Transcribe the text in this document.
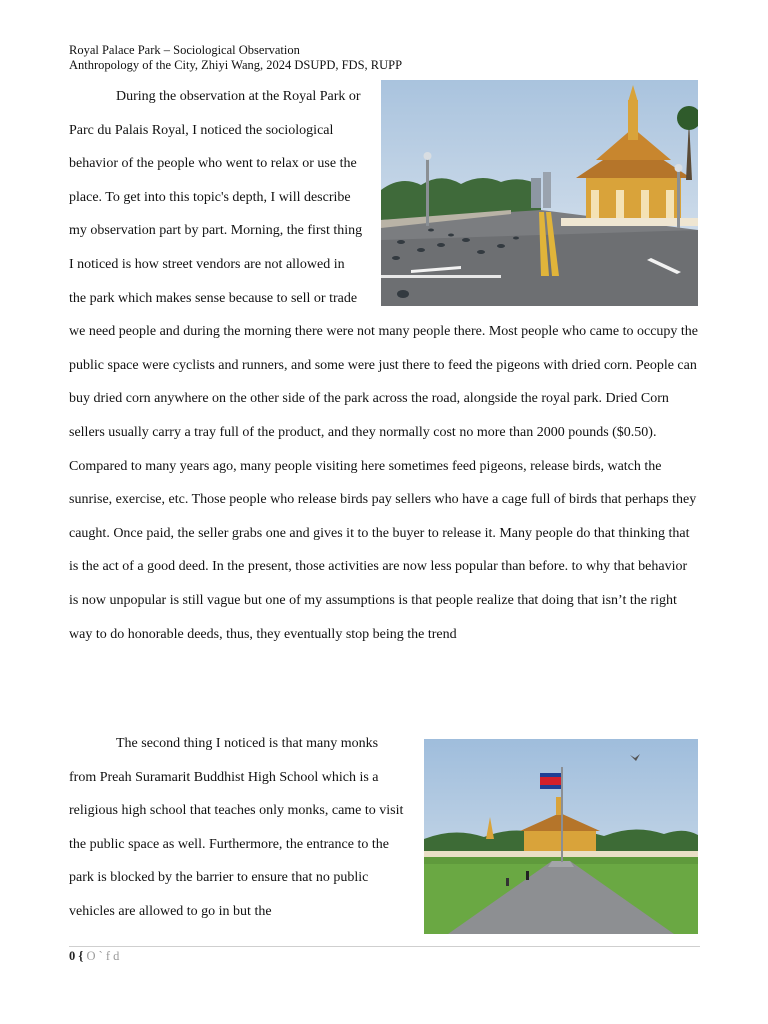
Royal Palace Park – Sociological Observation
Anthropology of the City, Zhiyi Wang, 2024 DSUPD, FDS, RUPP
During the observation at the Royal Park or Parc du Palais Royal, I noticed the sociological behavior of the people who went to relax or use the place. To get into this topic's depth, I will describe my observation part by part. Morning, the first thing I noticed is how street vendors are not allowed in the park which makes sense because to sell or trade we need people and during the morning there were not many people there. Most people who came to occupy the public space were cyclists and runners, and some were just there to feed the pigeons with dried corn. People can buy dried corn anywhere on the other side of the park across the road, alongside the royal park. Dried Corn sellers usually carry a tray full of the product, and they normally cost no more than 2000 pounds ($0.50). Compared to many years ago, many people visiting here sometimes feed pigeons, release birds, watch the sunrise, exercise, etc. Those people who release birds pay sellers who have a cage full of birds that perhaps they caught. Once paid, the seller grabs one and gives it to the buyer to release it. Many people do that thinking that is the act of a good deed. In the present, those activities are now less popular than before. to why that behavior is now unpopular is still vague but one of my assumptions is that people realize that doing that isn’t the right way to do honorable deeds, thus, they eventually stop being the trend
The second thing I noticed is that many monks from Preah Suramarit Buddhist High School which is a religious high school that teaches only monks, came to visit the public space as well. Furthermore, the entrance to the park is blocked by the barrier to ensure that no public vehicles are allowed to go in but the
0 { O ` f d
